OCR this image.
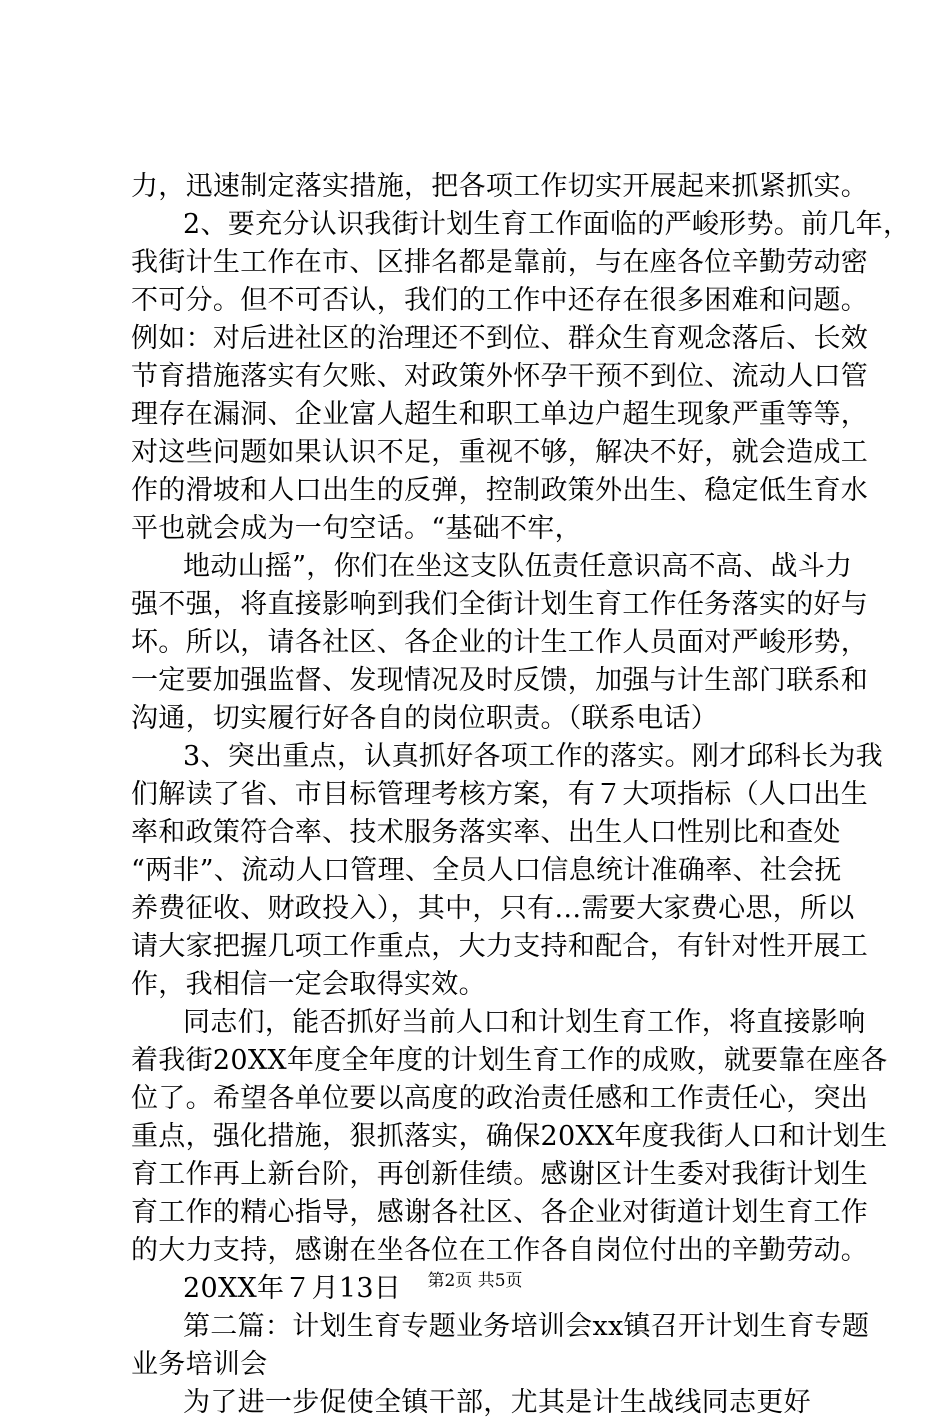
力，迅速制定落实措施，把各项工作切实开展起来抓紧抓实。
2、要充分认识我街计划生育工作面临的严峻形势。前几年，
我街计生工作在市、区排名都是靠前，与在座各位辛勤劳动密
不可分。但不可否认，我们的工作中还存在很多困难和问题。
例如：对后进社区的治理还不到位、群众生育观念落后、长效
节育措施落实有欠账、对政策外怀孕干预不到位、流动人口管
理存在漏洞、企业富人超生和职工单边户超生现象严重等等，
对这些问题如果认识不足，重视不够，解决不好，就会造成工
作的滑坡和人口出生的反弹，控制政策外出生、稳定低生育水
平也就会成为一句空话。“基础不牢，
地动山摇”，你们在坐这支队伍责任意识高不高、战斗力
强不强，将直接影响到我们全街计划生育工作任务落实的好与
坏。所以，请各社区、各企业的计生工作人员面对严峻形势，
一定要加强监督、发现情况及时反馈，加强与计生部门联系和
沟通，切实履行好各自的岗位职责。（联系电话）
3、突出重点，认真抓好各项工作的落实。刚才邱科长为我
们解读了省、市目标管理考核方案，有７大项指标（人口出生
率和政策符合率、技术服务落实率、出生人口性别比和查处
“两非”、流动人口管理、全员人口信息统计准确率、社会抚
养费征收、财政投入），其中，只有…需要大家费心思，所以
请大家把握几项工作重点，大力支持和配合，有针对性开展工
作，我相信一定会取得实效。
同志们，能否抓好当前人口和计划生育工作，将直接影响
着我街20XX年度全年度的计划生育工作的成败，就要靠在座各
位了。希望各单位要以高度的政治责任感和工作责任心，突出
重点，强化措施，狠抓落实，确保20XX年度我街人口和计划生
育工作再上新台阶，再创新佳绩。感谢区计生委对我街计划生
育工作的精心指导，感谢各社区、各企业对街道计划生育工作
的大力支持，感谢在坐各位在工作各自岗位付出的辛勤劳动。
20XX年７月13日
第二篇：计划生育专题业务培训会xx镇召开计划生育专题
业务培训会
为了进一步促使全镇干部，尤其是计生战线同志更好
第2页 共5页
